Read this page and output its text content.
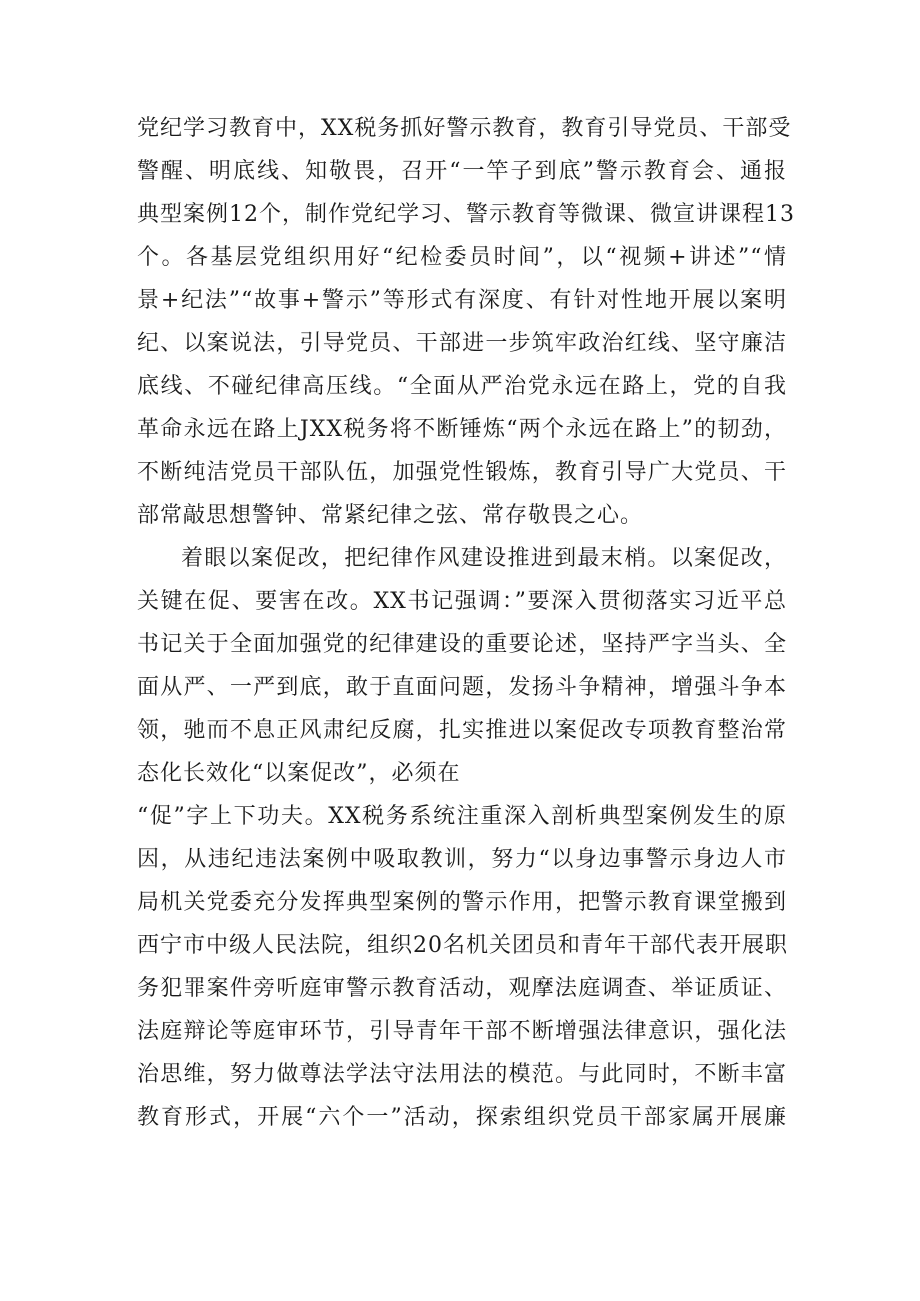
党纪学习教育中，XX税务抓好警示教育，教育引导党员、干部受
警醒、明底线、知敬畏，召开“一竿子到底”警示教育会、通报
典型案例12个，制作党纪学习、警示教育等微课、微宣讲课程13
个。各基层党组织用好“纪检委员时间”，以“视频+讲述”“情
景+纪法”“故事+警示”等形式有深度、有针对性地开展以案明
纪、以案说法，引导党员、干部进一步筑牢政治红线、坚守廉洁
底线、不碰纪律高压线。“全面从严治党永远在路上，党的自我
革命永远在路上JXX税务将不断锤炼“两个永远在路上”的韧劲，
不断纯洁党员干部队伍，加强党性锻炼，教育引导广大党员、干
部常敲思想警钟、常紧纪律之弦、常存敬畏之心。
着眼以案促改，把纪律作风建设推进到最末梢。以案促改，
关键在促、要害在改。XX书记强调：”要深入贯彻落实习近平总
书记关于全面加强党的纪律建设的重要论述，坚持严字当头、全
面从严、一严到底，敢于直面问题，发扬斗争精神，增强斗争本
领，驰而不息正风肃纪反腐，扎实推进以案促改专项教育整治常
态化长效化“以案促改”，必须在
“促”字上下功夫。XX税务系统注重深入剖析典型案例发生的原
因，从违纪违法案例中吸取教训，努力“以身边事警示身边人市
局机关党委充分发挥典型案例的警示作用，把警示教育课堂搬到
西宁市中级人民法院，组织20名机关团员和青年干部代表开展职
务犯罪案件旁听庭审警示教育活动，观摩法庭调查、举证质证、
法庭辩论等庭审环节，引导青年干部不断增强法律意识，强化法
治思维，努力做尊法学法守法用法的模范。与此同时，不断丰富
教育形式，开展“六个一”活动，探索组织党员干部家属开展廉
